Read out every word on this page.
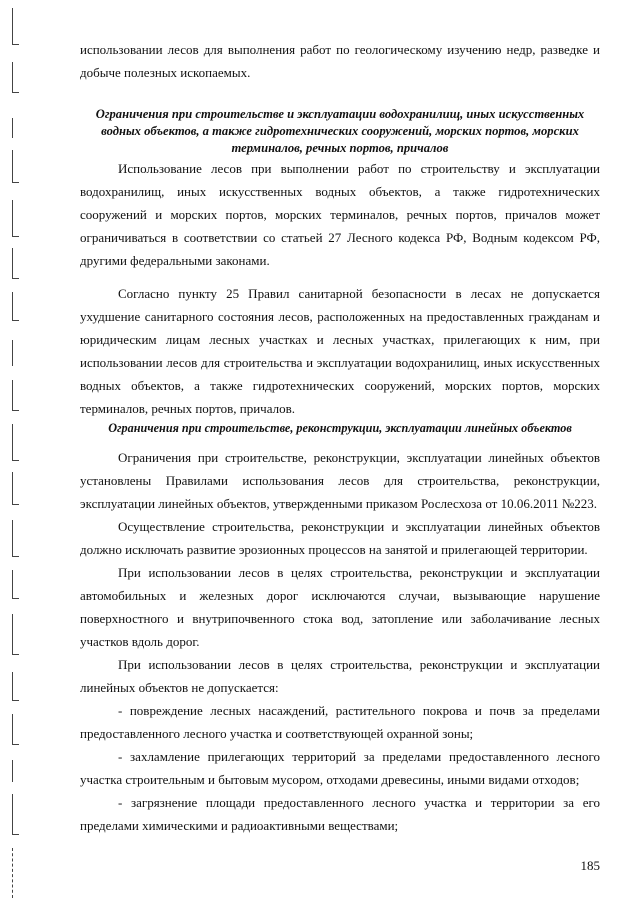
использовании лесов для выполнения работ по геологическому изучению недр, разведке и добыче полезных ископаемых.

Ограничения при строительстве и эксплуатации водохранилищ, иных искусственных водных объектов, а также гидротехнических сооружений, морских портов, морских терминалов, речных портов, причалов

Использование лесов при выполнении работ по строительству и эксплуатации водохранилищ, иных искусственных водных объектов, а также гидротехнических сооружений и морских портов, морских терминалов, речных портов, причалов может ограничиваться в соответствии со статьей 27 Лесного кодекса РФ, Водным кодексом РФ, другими федеральными законами.

Согласно пункту 25 Правил санитарной безопасности в лесах не допускается ухудшение санитарного состояния лесов, расположенных на предоставленных гражданам и юридическим лицам лесных участках и лесных участках, прилегающих к ним, при использовании лесов для строительства и эксплуатации водохранилищ, иных искусственных водных объектов, а также гидротехнических сооружений, морских портов, морских терминалов, речных портов, причалов.

Ограничения при строительстве, реконструкции, эксплуатации линейных объектов

Ограничения при строительстве, реконструкции, эксплуатации линейных объектов установлены Правилами использования лесов для строительства, реконструкции, эксплуатации линейных объектов, утвержденными приказом Рослесхоза от 10.06.2011 №223.

Осуществление строительства, реконструкции и эксплуатации линейных объектов должно исключать развитие эрозионных процессов на занятой и прилегающей территории.

При использовании лесов в целях строительства, реконструкции и эксплуатации автомобильных и железных дорог исключаются случаи, вызывающие нарушение поверхностного и внутрипочвенного стока вод, затопление или заболачивание лесных участков вдоль дорог.

При использовании лесов в целях строительства, реконструкции и эксплуатации линейных объектов не допускается:

- повреждение лесных насаждений, растительного покрова и почв за пределами предоставленного лесного участка и соответствующей охранной зоны;

- захламление прилегающих территорий за пределами предоставленного лесного участка строительным и бытовым мусором, отходами древесины, иными видами отходов;

- загрязнение площади предоставленного лесного участка и территории за его пределами химическими и радиоактивными веществами;

185
